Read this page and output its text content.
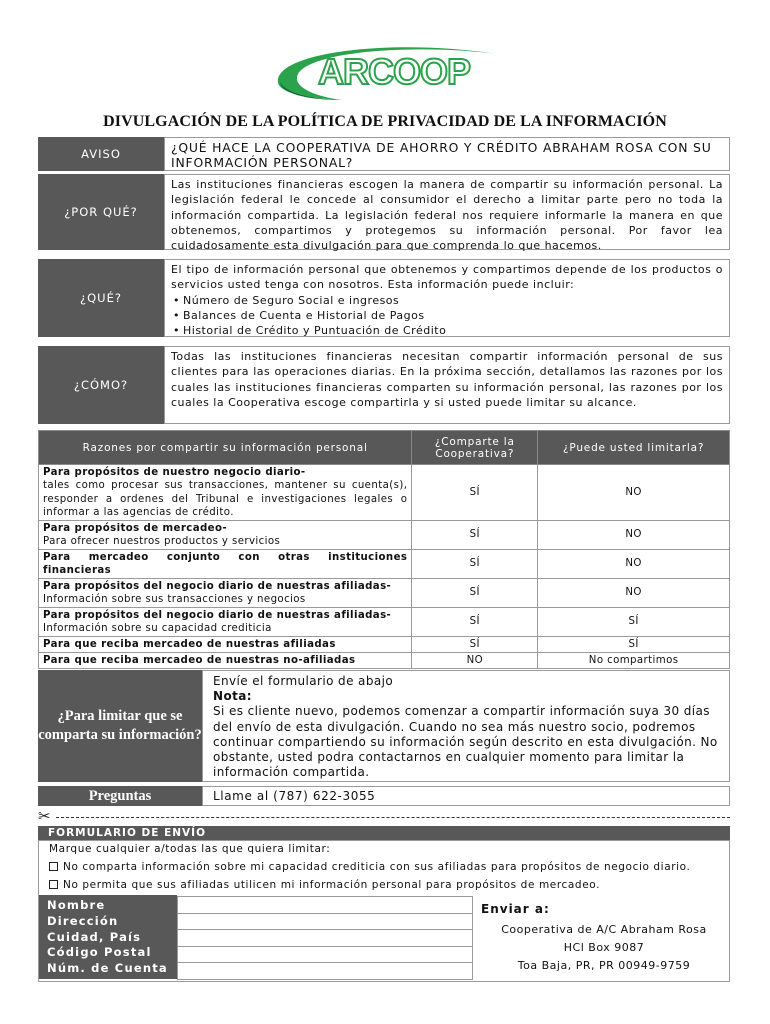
ARCOOP
DIVULGACIÓN DE LA POLÍTICA DE PRIVACIDAD DE LA INFORMACIÓN
AVISO	¿QUÉ HACE LA COOPERATIVA DE AHORRO Y CRÉDITO ABRAHAM ROSA CON SU INFORMACIÓN PERSONAL?
¿POR QUÉ?
Las instituciones financieras escogen la manera de compartir su información personal. La legislación federal le concede al consumidor el derecho a limitar parte pero no toda la información compartida. La legislación federal nos requiere informarle la manera en que obtenemos, compartimos y protegemos su información personal. Por favor lea cuidadosamente esta divulgación para que comprenda lo que hacemos.
¿QUÉ?
El tipo de información personal que obtenemos y compartimos depende de los productos o servicios usted tenga con nosotros. Esta información puede incluir:
• Número de Seguro Social e ingresos
• Balances de Cuenta e Historial de Pagos
• Historial de Crédito y Puntuación de Crédito
¿CÓMO?
Todas las instituciones financieras necesitan compartir información personal de sus clientes para las operaciones diarias. En la próxima sección, detallamos las razones por los cuales las instituciones financieras comparten su información personal, las razones por los cuales la Cooperativa escoge compartirla y si usted puede limitar su alcance.
Razones por compartir su información personal	¿Comparte la Cooperativa?	¿Puede usted limitarla?

Para propósitos de nuestro negocio diario-
tales como procesar sus transacciones, mantener su cuenta(s), responder a ordenes del Tribunal e investigaciones legales o informar a las agencias de crédito.	SÍ	NO

Para propósitos de mercadeo-
Para ofrecer nuestros productos y servicios	SÍ	NO

Para mercadeo conjunto con otras instituciones financieras	SÍ	NO

Para propósitos del negocio diario de nuestras afiliadas-
Información sobre sus transacciones y negocios	SÍ	NO

Para propósitos del negocio diario de nuestras afiliadas-
Información sobre su capacidad crediticia	SÍ	SÍ

Para que reciba mercadeo de nuestras afiliadas	SÍ	SÍ

Para que reciba mercadeo de nuestras no-afiliadas	NO	No compartimos
¿Para limitar que se comparta su información?
Envíe el formulario de abajo
Nota:
Si es cliente nuevo, podemos comenzar a compartir información suya 30 días del envío de esta divulgación. Cuando no sea más nuestro socio, podremos continuar compartiendo su información según descrito en esta divulgación. No obstante, usted podra contactarnos en cualquier momento para limitar la información compartida.
Preguntas	Llame al (787) 622-3055
✂
FORMULARIO DE ENVÍO
Marque cualquier a/todas las que quiera limitar:
No comparta información sobre mi capacidad crediticia con sus afiliadas para propósitos de negocio diario.
No permita que sus afiliadas utilicen mi información personal para propósitos de mercadeo.
Nombre
Dirección
Cuidad, País
Código Postal
Núm. de Cuenta

Enviar a:
Cooperativa de A/C Abraham Rosa
HCl Box 9087
Toa Baja, PR, PR 00949-9759
